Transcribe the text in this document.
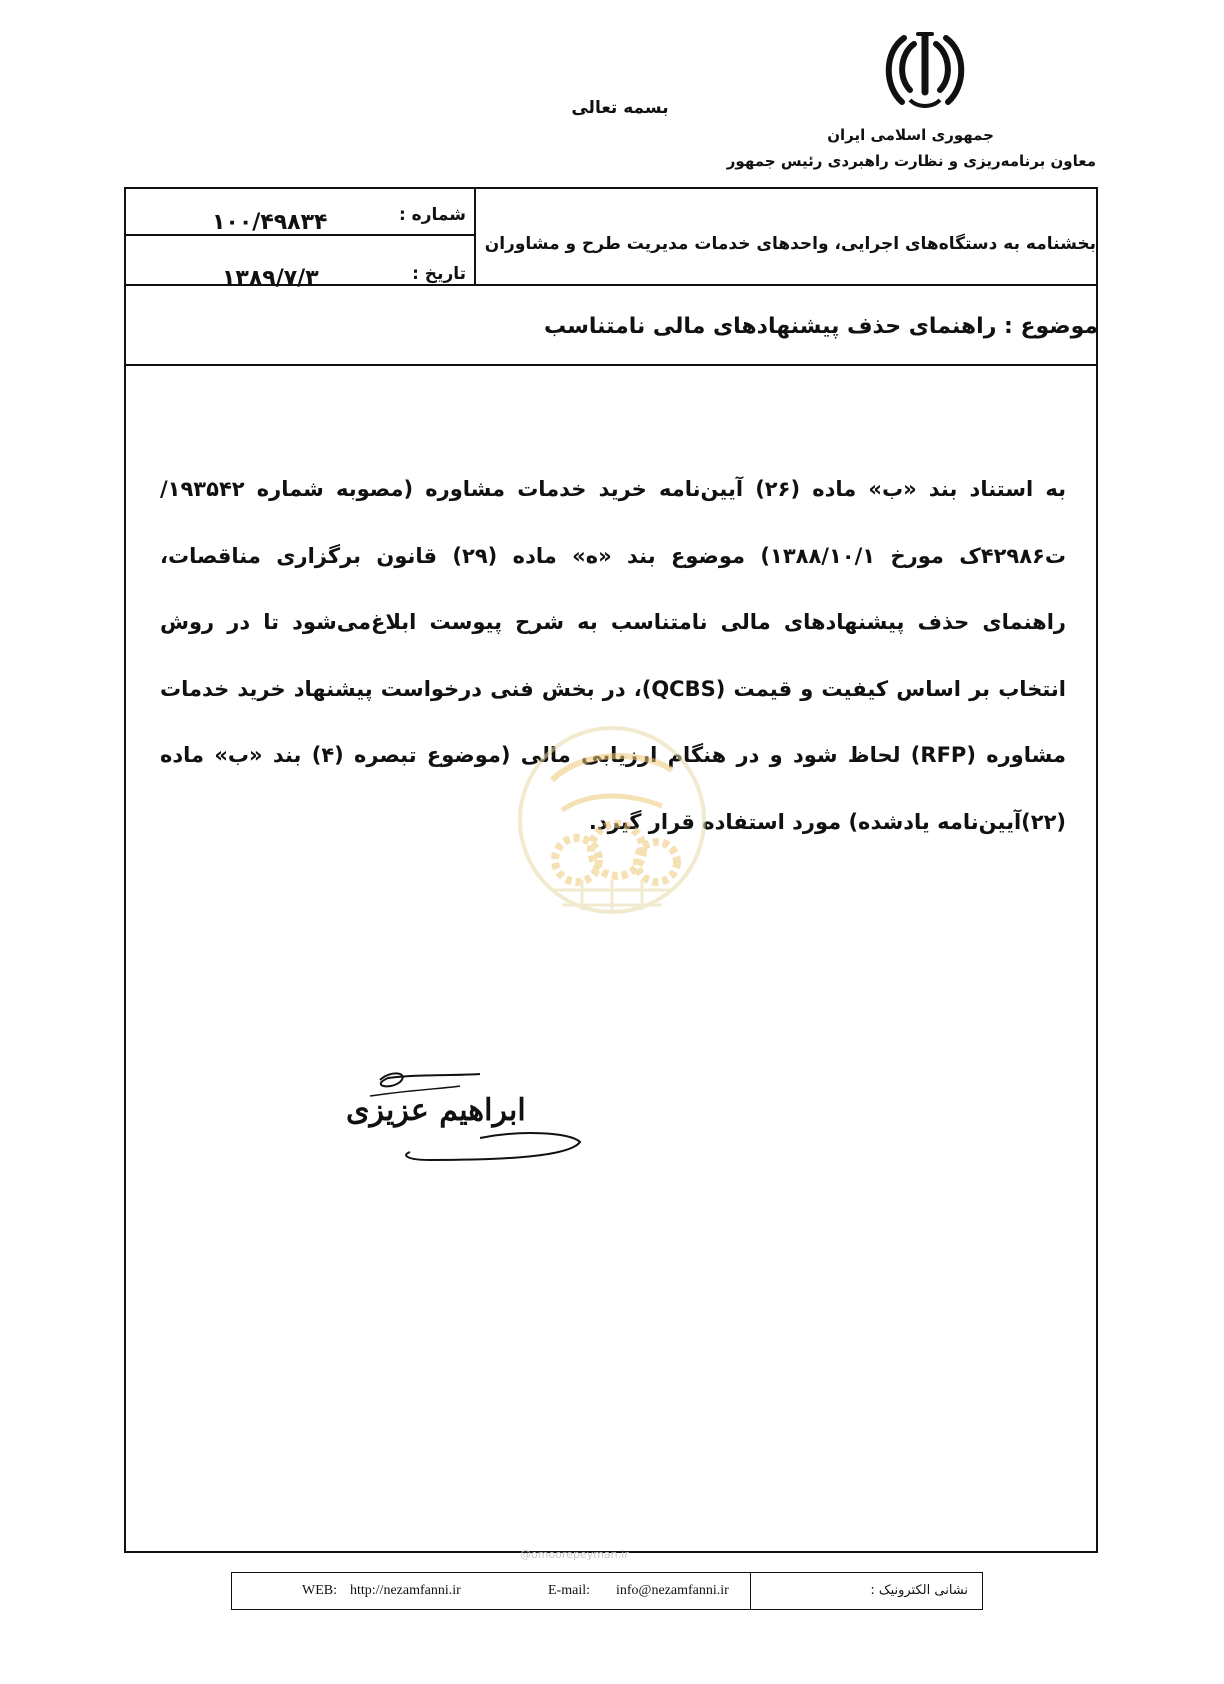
بسمه تعالی
جمهوری اسلامی ایران
معاون برنامه‌ریزی و نظارت راهبردی رئیس جمهور
شماره :
۱۰۰/۴۹۸۳۴
تاریخ :
۱۳۸۹/۷/۳
بخشنامه به دستگاه‌های اجرایی، واحدهای خدمات مدیریت طرح و مشاوران
موضوع : راهنمای حذف پیشنهادهای مالی نامتناسب
به استناد بند «ب» ماده (۲۶) آیین‌نامه خرید خدمات مشاوره (مصوبه شماره ۱۹۳۵۴۲/ت۴۲۹۸۶ک مورخ ۱۳۸۸/۱۰/۱) موضوع بند «ه» ماده (۲۹) قانون برگزاری مناقصات، راهنمای حذف پیشنهادهای مالی نامتناسب به شرح پیوست ابلاغ‌می‌شود تا در روش انتخاب بر اساس کیفیت و قیمت (QCBS)، در بخش فنی درخواست پیشنهاد خرید خدمات مشاوره (RFP) لحاظ شود و در هنگام ارزیابی مالی (موضوع تبصره (۴) بند «ب» ماده (۲۲)آیین‌نامه یادشده) مورد استفاده قرار گیرد.
ابراهیم عزیزی
@omoorepeyman.ir
WEB: http://nezamfanni.ir	E-mail: info@nezamfanni.ir	نشانی الکترونیک :
